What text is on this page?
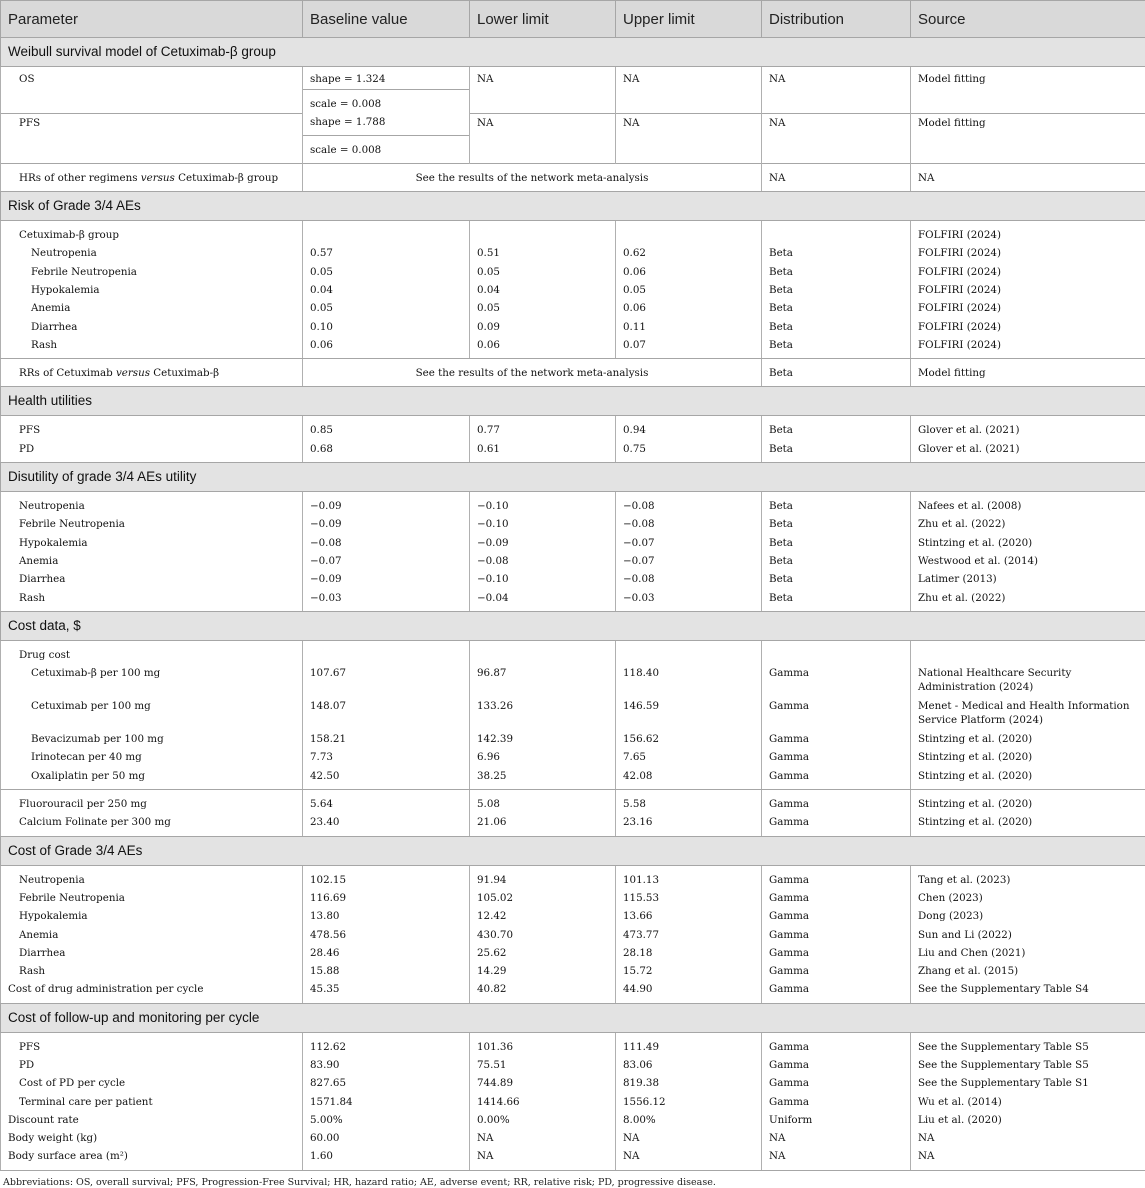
Parameter	Baseline value	Lower limit	Upper limit	Distribution	Source
Weibull survival model of Cetuximab-β group					
OS	shape = 1.324	NA	NA	NA	Model fitting
	scale = 0.008				
PFS	shape = 1.788	NA	NA	NA	Model fitting
	scale = 0.008				
HRs of other regimens versus Cetuximab-β group	See the results of the network meta-analysis			NA	NA
Risk of Grade 3/4 AEs					
Cetuximab-β group					FOLFIRI (2024)
Neutropenia	0.57	0.51	0.62	Beta	FOLFIRI (2024)
Febrile Neutropenia	0.05	0.05	0.06	Beta	FOLFIRI (2024)
Hypokalemia	0.04	0.04	0.05	Beta	FOLFIRI (2024)
Anemia	0.05	0.05	0.06	Beta	FOLFIRI (2024)
Diarrhea	0.10	0.09	0.11	Beta	FOLFIRI (2024)
Rash	0.06	0.06	0.07	Beta	FOLFIRI (2024)
RRs of Cetuximab versus Cetuximab-β	See the results of the network meta-analysis			Beta	Model fitting
Health utilities					
PFS	0.85	0.77	0.94	Beta	Glover et al. (2021)
PD	0.68	0.61	0.75	Beta	Glover et al. (2021)
Disutility of grade 3/4 AEs utility					
Neutropenia	−0.09	−0.10	−0.08	Beta	Nafees et al. (2008)
Febrile Neutropenia	−0.09	−0.10	−0.08	Beta	Zhu et al. (2022)
Hypokalemia	−0.08	−0.09	−0.07	Beta	Stintzing et al. (2020)
Anemia	−0.07	−0.08	−0.07	Beta	Westwood et al. (2014)
Diarrhea	−0.09	−0.10	−0.08	Beta	Latimer (2013)
Rash	−0.03	−0.04	−0.03	Beta	Zhu et al. (2022)
Cost data, $					
Drug cost					
Cetuximab-β per 100 mg	107.67	96.87	118.40	Gamma	National Healthcare Security Administration (2024)
Cetuximab per 100 mg	148.07	133.26	146.59	Gamma	Menet - Medical and Health Information Service Platform (2024)
Bevacizumab per 100 mg	158.21	142.39	156.62	Gamma	Stintzing et al. (2020)
Irinotecan per 40 mg	7.73	6.96	7.65	Gamma	Stintzing et al. (2020)
Oxaliplatin per 50 mg	42.50	38.25	42.08	Gamma	Stintzing et al. (2020)
Fluorouracil per 250 mg	5.64	5.08	5.58	Gamma	Stintzing et al. (2020)
Calcium Folinate per 300 mg	23.40	21.06	23.16	Gamma	Stintzing et al. (2020)
Cost of Grade 3/4 AEs					
Neutropenia	102.15	91.94	101.13	Gamma	Tang et al. (2023)
Febrile Neutropenia	116.69	105.02	115.53	Gamma	Chen (2023)
Hypokalemia	13.80	12.42	13.66	Gamma	Dong (2023)
Anemia	478.56	430.70	473.77	Gamma	Sun and Li (2022)
Diarrhea	28.46	25.62	28.18	Gamma	Liu and Chen (2021)
Rash	15.88	14.29	15.72	Gamma	Zhang et al. (2015)
Cost of drug administration per cycle	45.35	40.82	44.90	Gamma	See the Supplementary Table S4
Cost of follow-up and monitoring per cycle					
PFS	112.62	101.36	111.49	Gamma	See the Supplementary Table S5
PD	83.90	75.51	83.06	Gamma	See the Supplementary Table S5
Cost of PD per cycle	827.65	744.89	819.38	Gamma	See the Supplementary Table S1
Terminal care per patient	1571.84	1414.66	1556.12	Gamma	Wu et al. (2014)
Discount rate	5.00%	0.00%	8.00%	Uniform	Liu et al. (2020)
Body weight (kg)	60.00	NA	NA	NA	NA
Body surface area (m²)	1.60	NA	NA	NA	NA
Abbreviations: OS, overall survival; PFS, Progression-Free Survival; HR, hazard ratio; AE, adverse event; RR, relative risk; PD, progressive disease.
